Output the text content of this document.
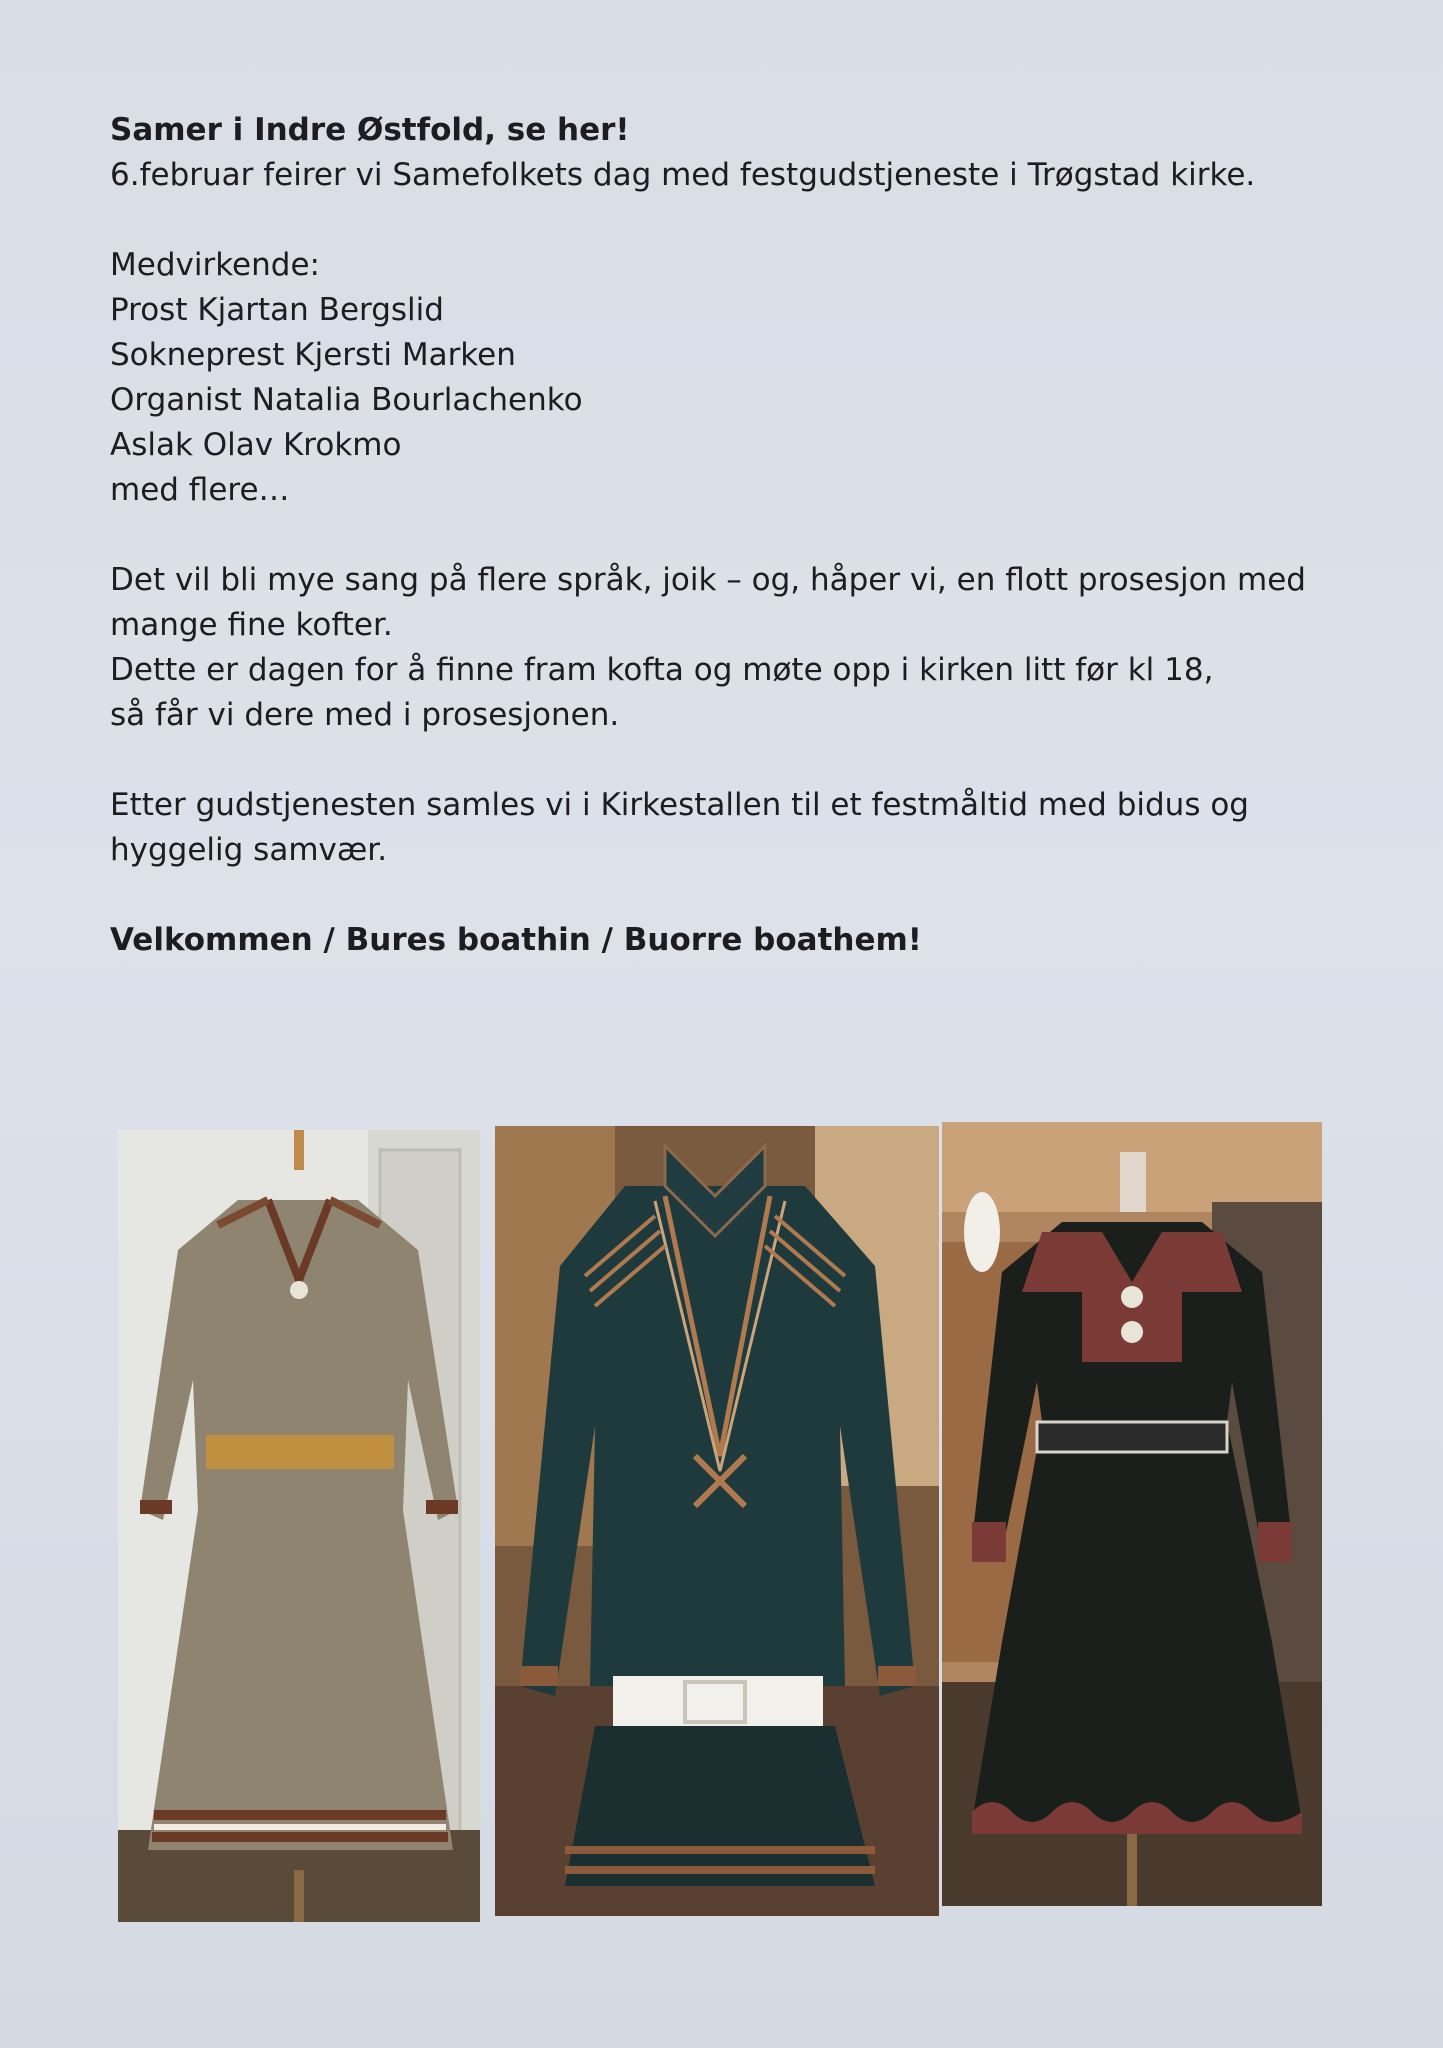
Samer i Indre Østfold, se her!

6.februar feirer vi Samefolkets dag med festgudstjeneste i Trøgstad kirke.

Medvirkende:

Prost Kjartan Bergslid

Sokneprest Kjersti Marken

Organist Natalia Bourlachenko

Aslak Olav Krokmo

med flere…

Det vil bli mye sang på flere språk, joik – og, håper vi, en flott prosesjon med

mange fine kofter.

Dette er dagen for å finne fram kofta og møte opp i kirken litt før kl 18,

så får vi dere med i prosesjonen.

Etter gudstjenesten samles vi i Kirkestallen til et festmåltid med bidus og

hyggelig samvær.

Velkommen / Bures boathin / Buorre boathem!
